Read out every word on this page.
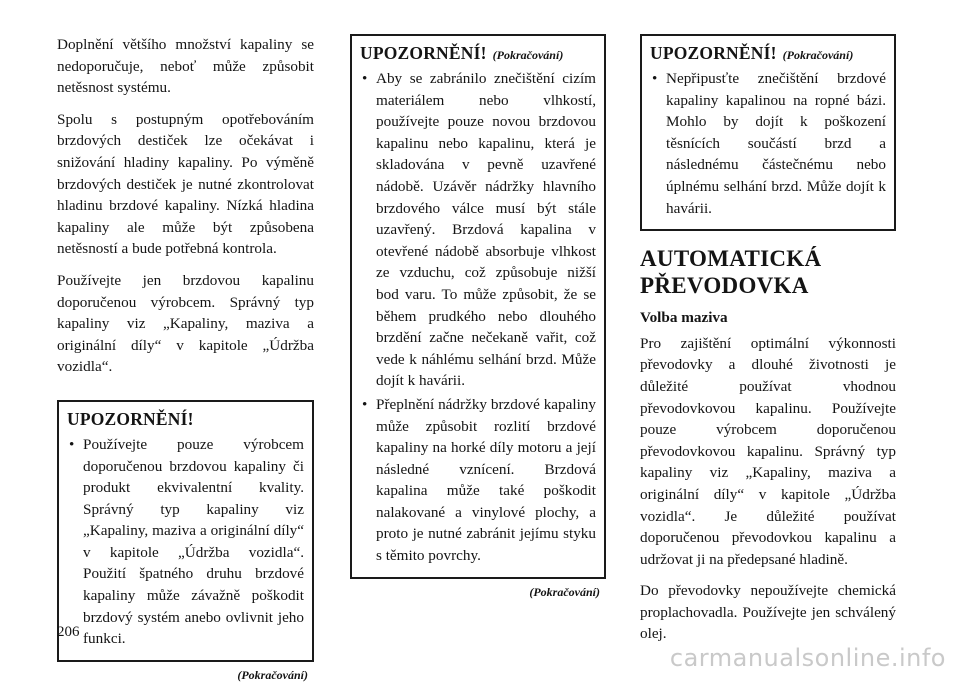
Doplnění většího množství kapaliny se nedoporučuje, neboť může způsobit netěsnost systému.

Spolu s postupným opotřebováním brzdových destiček lze očekávat i snižování hladiny kapaliny. Po výměně brzdových destiček je nutné zkontrolovat hladinu brzdové kapaliny. Nízká hladina kapaliny ale může být způsobena netěsností a bude potřebná kontrola.

Používejte jen brzdovou kapalinu doporučenou výrobcem. Správný typ kapaliny viz „Kapaliny, maziva a originální díly“ v kapitole „Údržba vozidla“.

UPOZORNĚNÍ!
• Používejte pouze výrobcem doporučenou brzdovou kapaliny či produkt ekvivalentní kvality. Správný typ kapaliny viz „Kapaliny, maziva a originální díly“ v kapitole „Údržba vozidla“. Použití špatného druhu brzdové kapaliny může závažně poškodit brzdový systém anebo ovlivnit jeho funkci.
(Pokračování)
UPOZORNĚNÍ! (Pokračování)
• Aby se zabránilo znečištění cizím materiálem nebo vlhkostí, používejte pouze novou brzdovou kapalinu nebo kapalinu, která je skladována v pevně uzavřené nádobě. Uzávěr nádržky hlavního brzdového válce musí být stále uzavřený. Brzdová kapalina v otevřené nádobě absorbuje vlhkost ze vzduchu, což způsobuje nižší bod varu. To může způsobit, že se během prudkého nebo dlouhého brzdění začne nečekaně vařit, což vede k náhlému selhání brzd. Může dojít k havárii.
• Přeplnění nádržky brzdové kapaliny může způsobit rozlití brzdové kapaliny na horké díly motoru a její následné vznícení. Brzdová kapalina může také poškodit nalakované a vinylové plochy, a proto je nutné zabránit jejímu styku s těmito povrchy.
(Pokračování)
UPOZORNĚNÍ! (Pokračování)
• Nepřipusťte znečištění brzdové kapaliny kapalinou na ropné bázi. Mohlo by dojít k poškození těsnících součástí brzd a následnému částečnému nebo úplnému selhání brzd. Může dojít k havárii.
AUTOMATICKÁ
PŘEVODOVKA
Volba maziva

Pro zajištění optimální výkonnosti převodovky a dlouhé životnosti je důležité používat vhodnou převodovkovou kapalinu. Používejte pouze výrobcem doporučenou převodovkovou kapalinu. Správný typ kapaliny viz „Kapaliny, maziva a originální díly“ v kapitole „Údržba vozidla“. Je důležité používat doporučenou převodovkou kapalinu a udržovat ji na předepsané hladině.

Do převodovky nepoužívejte chemická proplachovadla. Používejte jen schválený olej.

206
carmanualsonline.info
